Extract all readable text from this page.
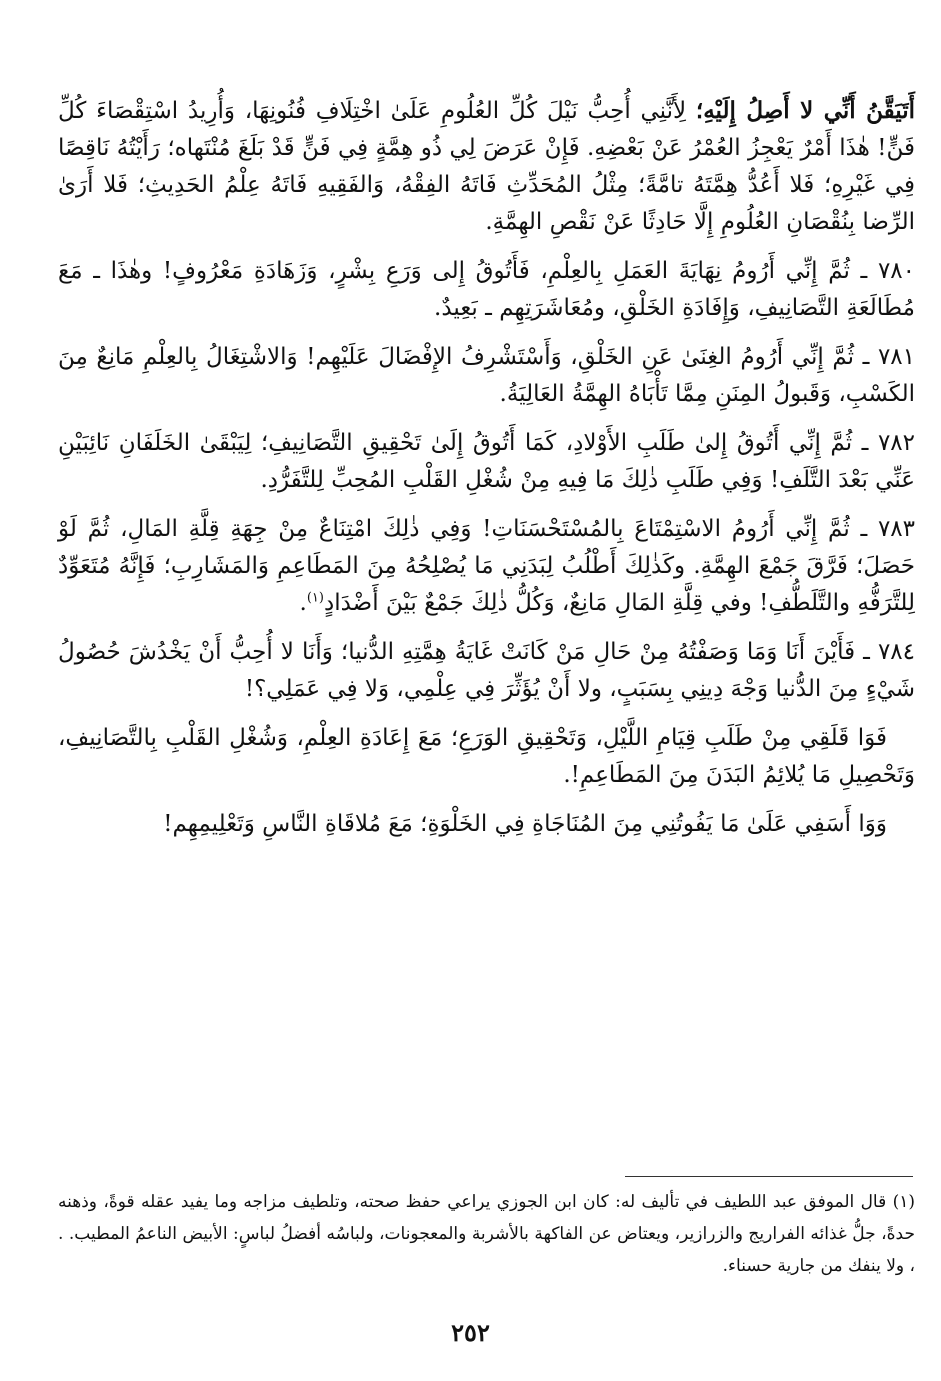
أَتَيَقَّنُ أَنِّي لا أَصِلُ إِلَيْهِ؛ لِأَنَّنِي أُحِبُّ نَيْلَ كُلِّ العُلُومِ عَلَىٰ اخْتِلَافِ فُنُونِهَا، وَأُرِيدُ اسْتِقْصَاءَ كُلِّ فَنٍّ! هٰذَا أَمْرٌ يَعْجِزُ العُمْرُ عَنْ بَعْضِهِ. فَإِنْ عَرَضَ لِي ذُو هِمَّةٍ فِي فَنٍّ قَدْ بَلَغَ مُنْتَهاه؛ رَأَيْتُهُ نَاقِصًا فِي غَيْرِهِ؛ فَلا أَعُدُّ هِمَّتَهُ تامَّةً؛ مِثْلُ المُحَدِّثِ فَاتَهُ الفِقْهُ، وَالفَقِيهِ فَاتَهُ عِلْمُ الحَدِيثِ؛ فَلا أَرَىٰ الرِّضا بِنُقْصَانِ العُلُومِ إِلَّا حَادِثًا عَنْ نَقْصِ الهِمَّةِ.

٧٨٠ ـ ثُمَّ إِنِّي أَرُومُ نِهَايَةَ العَمَلِ بِالعِلْمِ، فَأَتُوقُ إِلى وَرَعِ بِشْرٍ، وَزَهَادَةِ مَعْرُوفٍ! وهٰذَا ـ مَعَ مُطَالَعَةِ التَّصَانِيفِ، وَإِفَادَةِ الخَلْقِ، ومُعَاشَرَتِهِم ـ بَعِيدٌ.

٧٨١ ـ ثُمَّ إِنِّي أَرُومُ الغِنَىٰ عَنِ الخَلْقِ، وَأَسْتَشْرِفُ الإِفْضَالَ عَلَيْهِم! وَالاشْتِغَالُ بِالعِلْمِ مَانِعٌ مِنَ الكَسْبِ، وَقَبولُ المِنَنِ مِمَّا تَأْبَاهُ الهِمَّةُ العَالِيَةُ.

٧٨٢ ـ ثُمَّ إِنِّي أَتُوقُ إِلىٰ طَلَبِ الأَوْلادِ، كَمَا أَتُوقُ إِلَىٰ تَحْقِيقِ التَّصَانِيفِ؛ لِيَبْقَىٰ الخَلَفَانِ نَائِبَيْنِ عَنِّي بَعْدَ التَّلَفِ! وَفِي طَلَبِ ذٰلِكَ مَا فِيهِ مِنْ شُغْلِ القَلْبِ المُحِبِّ لِلتَّفَرُّدِ.

٧٨٣ ـ ثُمَّ إِنِّي أَرُومُ الاسْتِمْتَاعَ بِالمُسْتَحْسَنَاتِ! وَفِي ذٰلِكَ امْتِنَاعٌ مِنْ جِهَةِ قِلَّةِ المَالِ، ثُمَّ لَوْ حَصَلَ؛ فَرَّقَ جَمْعَ الهِمَّةِ. وكَذٰلِكَ أَطْلُبُ لِبَدَنِي مَا يُصْلِحُهُ مِنَ المَطَاعِمِ وَالمَشَارِبِ؛ فَإِنَّهُ مُتَعَوِّدٌ لِلتَّرَفُّهِ والتَّلَطُّفِ! وفي قِلَّةِ المَالِ مَانِعٌ، وَكُلُّ ذٰلِكَ جَمْعٌ بَيْنَ أَضْدَادٍ$^{(١)}$.

٧٨٤ ـ فَأَيْنَ أَنَا وَمَا وَصَفْتُهُ مِنْ حَالِ مَنْ كَانَتْ غَايَةُ هِمَّتِهِ الدُّنيا؛ وَأَنَا لا أُحِبُّ أَنْ يَخْدُشَ حُصُولُ شَيْءٍ مِنَ الدُّنيا وَجْهَ دِينِي بِسَبَبٍ، ولا أَنْ يُؤَثِّرَ فِي عِلْمِي، وَلا فِي عَمَلِي؟!

فَوَا قَلَقِي مِنْ طَلَبِ قِيَامِ اللَّيْلِ، وَتَحْقِيقِ الوَرَعِ؛ مَعَ إِعَادَةِ العِلْمِ، وَشُغْلِ القَلْبِ بِالتَّصَانِيفِ، وَتَحْصِيلِ مَا يُلائِمُ البَدَنَ مِنَ المَطَاعِمِ!.

وَوَا أَسَفِي عَلَىٰ مَا يَفُوتُنِي مِنَ المُنَاجَاةِ فِي الخَلْوَةِ؛ مَعَ مُلاقَاةِ النَّاسِ وَتَعْلِيمِهِم!

(١) قال الموفق عبد اللطيف في تأليف له: كان ابن الجوزي يراعي حفظ صحته، وتلطيف مزاجه وما يفيد عقله قوةً، وذهنه حدةً، جلُّ غذائه الفراريج والزرازير، ويعتاض عن الفاكهة بالأشربة والمعجونات، ولباسُه أفضلُ لباسٍ: الأبيض الناعمُ المطيب. . ، ولا ينفك من جارية حسناء.

٢٥٢
